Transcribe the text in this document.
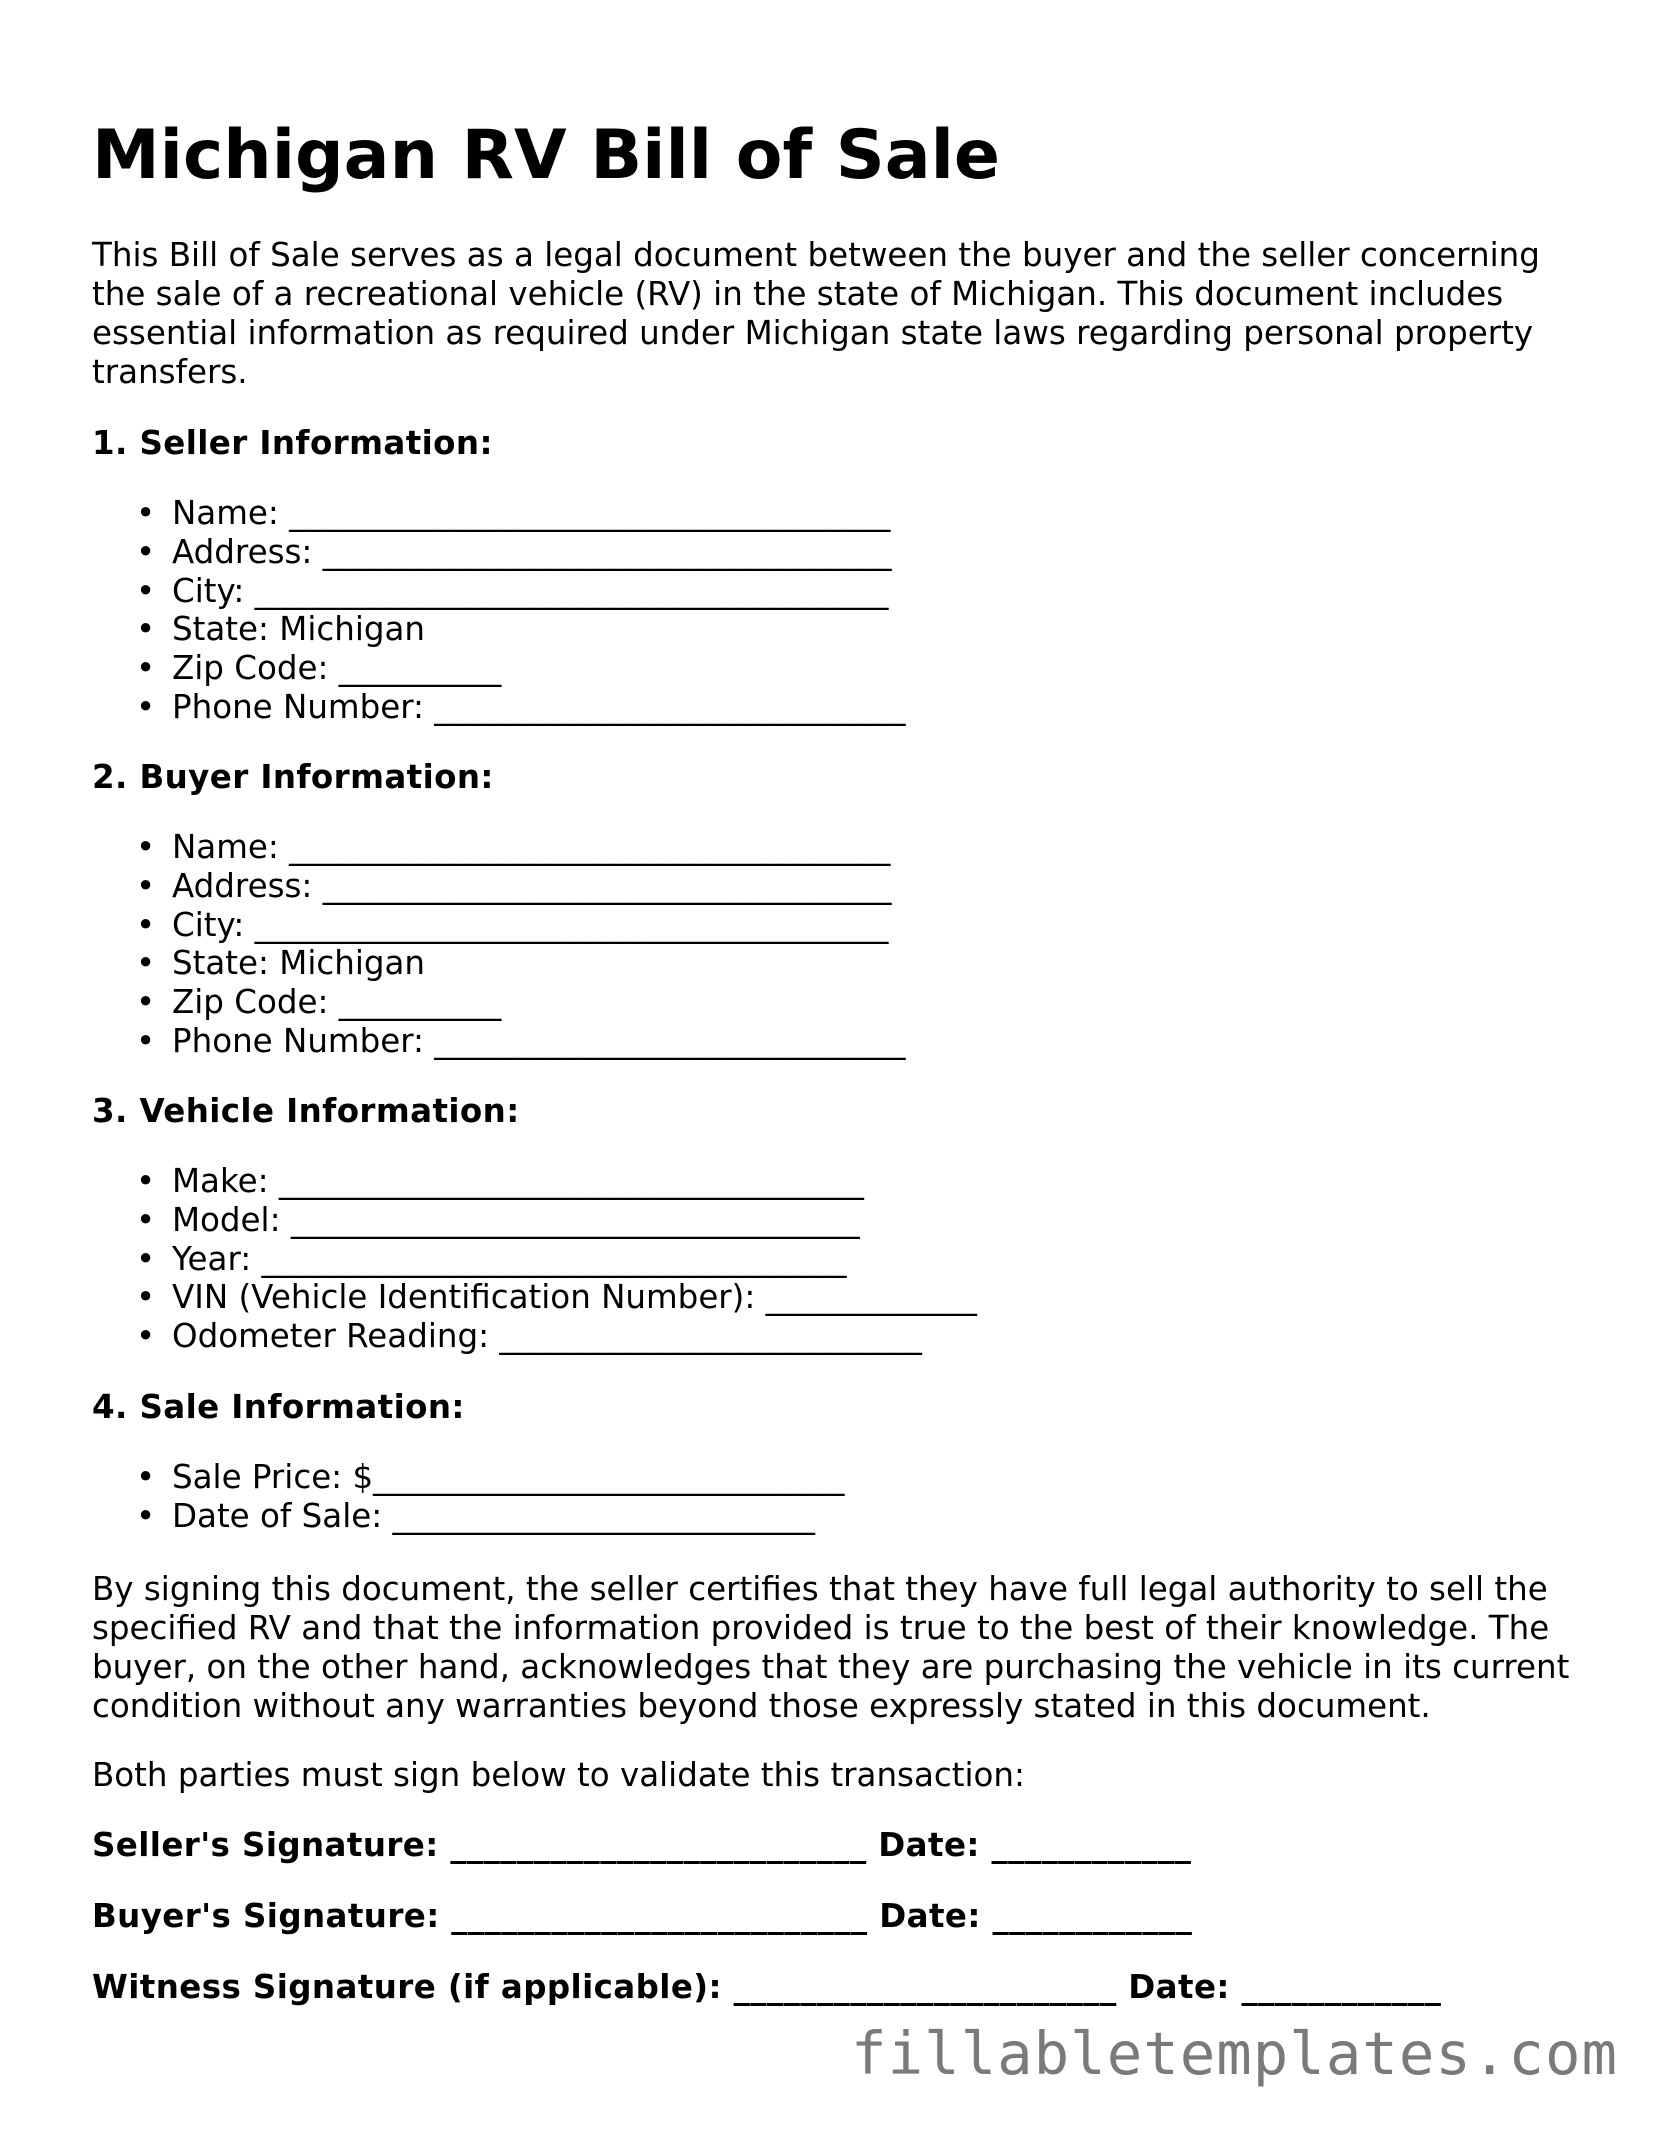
Michigan RV Bill of Sale

This Bill of Sale serves as a legal document between the buyer and the seller concerning the sale of a recreational vehicle (RV) in the state of Michigan. This document includes essential information as required under Michigan state laws regarding personal property transfers.

1. Seller Information:
• Name: _____________________________________
• Address: ___________________________________
• City: _______________________________________
• State: Michigan
• Zip Code: __________
• Phone Number: _____________________________
2. Buyer Information:
• Name: _____________________________________
• Address: ___________________________________
• City: _______________________________________
• State: Michigan
• Zip Code: __________
• Phone Number: _____________________________
3. Vehicle Information:
• Make: ____________________________________
• Model: ___________________________________
• Year: ____________________________________
• VIN (Vehicle Identification Number): _____________
• Odometer Reading: __________________________
4. Sale Information:
• Sale Price: $_____________________________
• Date of Sale: __________________________

By signing this document, the seller certifies that they have full legal authority to sell the specified RV and that the information provided is true to the best of their knowledge. The buyer, on the other hand, acknowledges that they are purchasing the vehicle in its current condition without any warranties beyond those expressly stated in this document.

Both parties must sign below to validate this transaction:

Seller's Signature: _________________________ Date: ____________
Buyer's Signature: _________________________ Date: ____________
Witness Signature (if applicable): _______________________ Date: ____________
fillabletemplates.com
